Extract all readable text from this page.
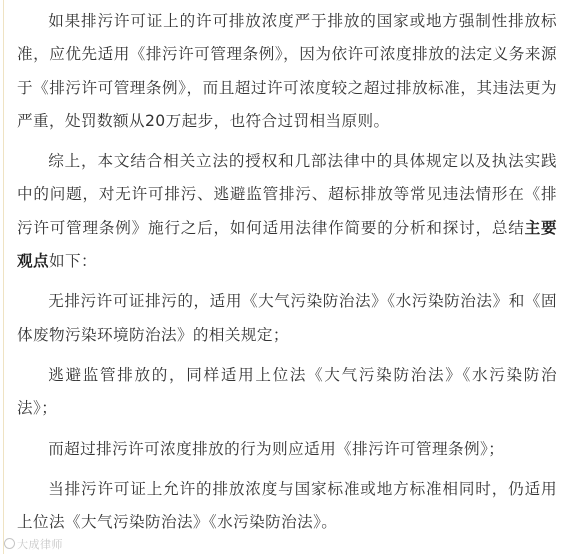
如果排污许可证上的许可排放浓度严于排放的国家或地方强制性排放标准，应优先适用《排污许可管理条例》，因为依许可浓度排放的法定义务来源于《排污许可管理条例》，而且超过许可浓度较之超过排放标准，其违法更为严重，处罚数额从20万起步，也符合过罚相当原则。

综上，本文结合相关立法的授权和几部法律中的具体规定以及执法实践中的问题，对无许可排污、逃避监管排污、超标排放等常见违法情形在《排污许可管理条例》施行之后，如何适用法律作简要的分析和探讨，总结主要观点如下：

无排污许可证排污的，适用《大气污染防治法》《水污染防治法》和《固体废物污染环境防治法》的相关规定；

逃避监管排放的，同样适用上位法《大气污染防治法》《水污染防治法》；

而超过排污许可浓度排放的行为则应适用《排污许可管理条例》；

当排污许可证上允许的排放浓度与国家标准或地方标准相同时，仍适用上位法《大气污染防治法》《水污染防治法》。

大成律师
